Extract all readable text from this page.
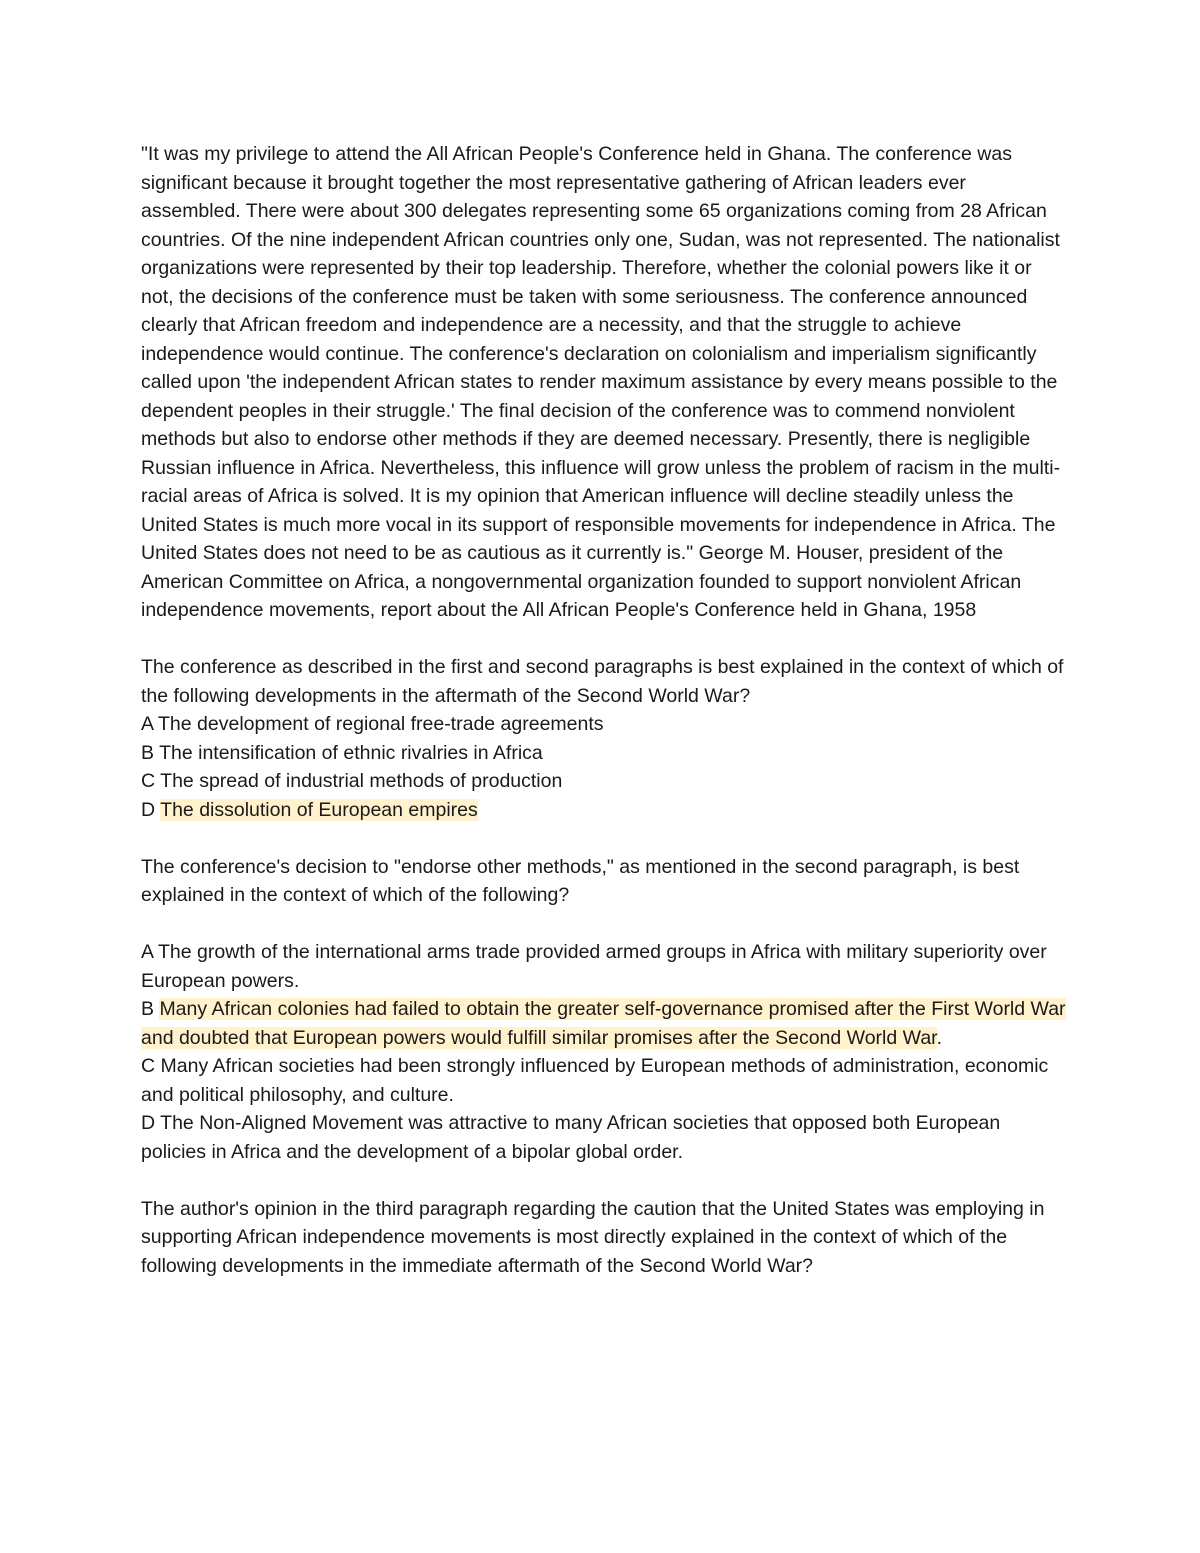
"It was my privilege to attend the All African People's Conference held in Ghana. The conference was significant because it brought together the most representative gathering of African leaders ever assembled. There were about 300 delegates representing some 65 organizations coming from 28 African countries. Of the nine independent African countries only one, Sudan, was not represented. The nationalist organizations were represented by their top leadership. Therefore, whether the colonial powers like it or not, the decisions of the conference must be taken with some seriousness. The conference announced clearly that African freedom and independence are a necessity, and that the struggle to achieve independence would continue. The conference's declaration on colonialism and imperialism significantly called upon 'the independent African states to render maximum assistance by every means possible to the dependent peoples in their struggle.' The final decision of the conference was to commend nonviolent methods but also to endorse other methods if they are deemed necessary. Presently, there is negligible Russian influence in Africa. Nevertheless, this influence will grow unless the problem of racism in the multi-racial areas of Africa is solved. It is my opinion that American influence will decline steadily unless the United States is much more vocal in its support of responsible movements for independence in Africa. The United States does not need to be as cautious as it currently is." George M. Houser, president of the American Committee on Africa, a nongovernmental organization founded to support nonviolent African independence movements, report about the All African People's Conference held in Ghana, 1958

The conference as described in the first and second paragraphs is best explained in the context of which of the following developments in the aftermath of the Second World War?

A The development of regional free-trade agreements

B The intensification of ethnic rivalries in Africa

C The spread of industrial methods of production

D The dissolution of European empires

The conference's decision to "endorse other methods," as mentioned in the second paragraph, is best explained in the context of which of the following?

A The growth of the international arms trade provided armed groups in Africa with military superiority over European powers.

B Many African colonies had failed to obtain the greater self-governance promised after the First World War and doubted that European powers would fulfill similar promises after the Second World War.

C Many African societies had been strongly influenced by European methods of administration, economic and political philosophy, and culture.

D The Non-Aligned Movement was attractive to many African societies that opposed both European policies in Africa and the development of a bipolar global order.

The author's opinion in the third paragraph regarding the caution that the United States was employing in supporting African independence movements is most directly explained in the context of which of the following developments in the immediate aftermath of the Second World War?
